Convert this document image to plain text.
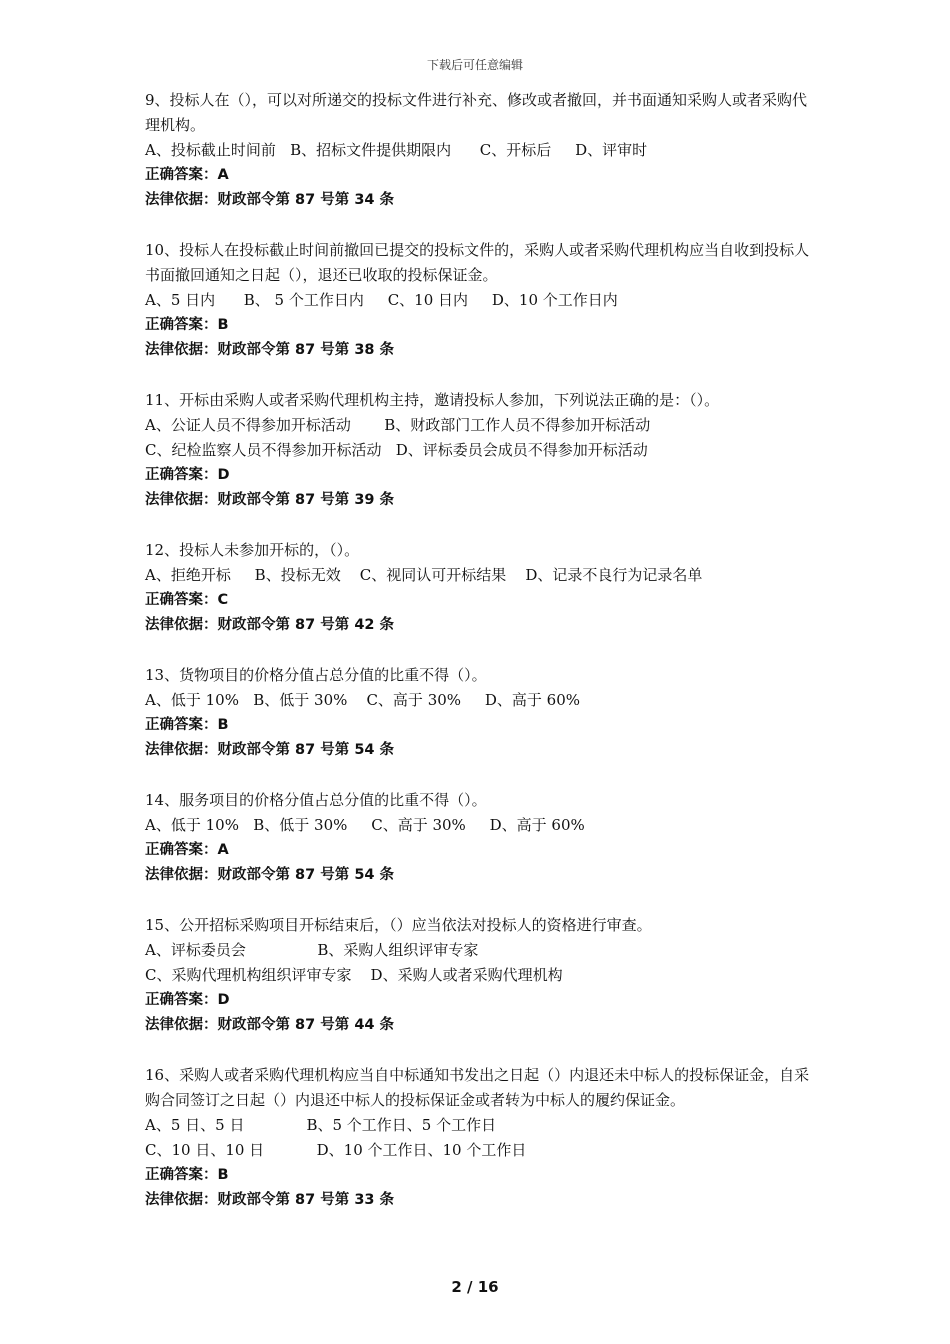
下载后可任意编辑

9、投标人在（），可以对所递交的投标文件进行补充、修改或者撤回，并书面通知采购人或者采购代理机构。

A、投标截止时间前   B、招标文件提供期限内      C、开标后     D、评审时

正确答案：A

法律依据：财政部令第 87 号第 34 条

10、投标人在投标截止时间前撤回已提交的投标文件的，采购人或者采购代理机构应当自收到投标人书面撤回通知之日起（），退还已收取的投标保证金。

A、5 日内      B、 5 个工作日内     C、10 日内     D、10 个工作日内

正确答案：B

法律依据：财政部令第 87 号第 38 条

11、开标由采购人或者采购代理机构主持，邀请投标人参加，下列说法正确的是：（）。

A、公证人员不得参加开标活动       B、财政部门工作人员不得参加开标活动

C、纪检监察人员不得参加开标活动   D、评标委员会成员不得参加开标活动

正确答案：D

法律依据：财政部令第 87 号第 39 条

12、投标人未参加开标的，（）。

A、拒绝开标     B、投标无效    C、视同认可开标结果    D、记录不良行为记录名单

正确答案：C

法律依据：财政部令第 87 号第 42 条

13、货物项目的价格分值占总分值的比重不得（）。

A、低于 10%   B、低于 30%    C、高于 30%     D、高于 60%

正确答案：B

法律依据：财政部令第 87 号第 54 条

14、服务项目的价格分值占总分值的比重不得（）。

A、低于 10%   B、低于 30%     C、高于 30%     D、高于 60%

正确答案：A

法律依据：财政部令第 87 号第 54 条

15、公开招标采购项目开标结束后，（）应当依法对投标人的资格进行审查。

A、评标委员会               B、采购人组织评审专家

C、采购代理机构组织评审专家    D、采购人或者采购代理机构

正确答案：D

法律依据：财政部令第 87 号第 44 条

16、采购人或者采购代理机构应当自中标通知书发出之日起（）内退还未中标人的投标保证金，自采购合同签订之日起（）内退还中标人的投标保证金或者转为中标人的履约保证金。

A、5 日、5 日             B、5 个工作日、5 个工作日

C、10 日、10 日           D、10 个工作日、10 个工作日

正确答案：B

法律依据：财政部令第 87 号第 33 条

2 / 16
